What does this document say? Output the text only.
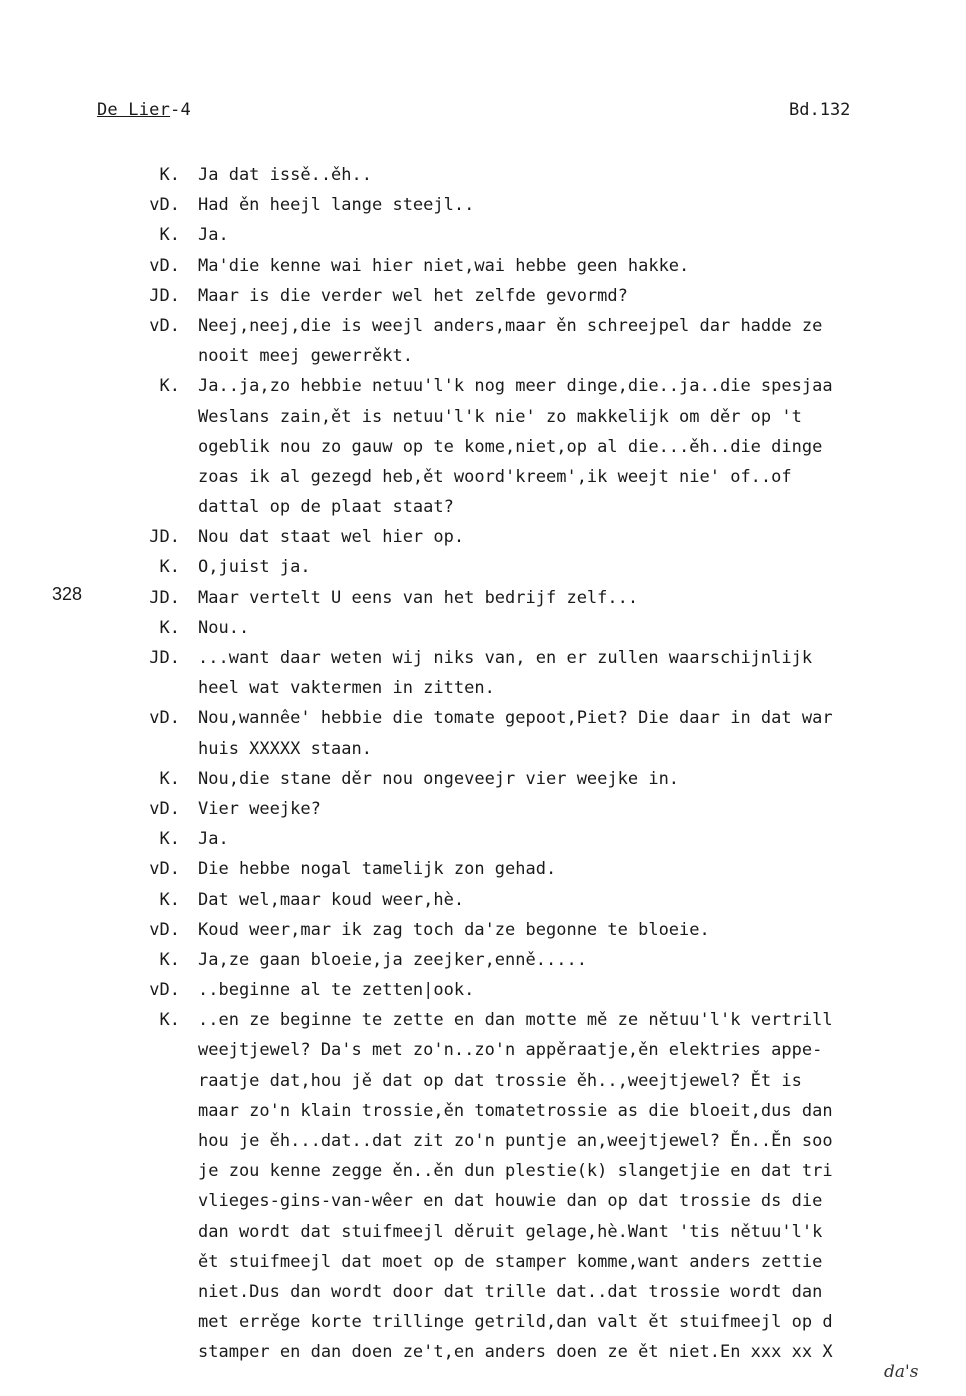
De Lier-4	Bd.132
328
K. Ja dat issě..ěh..
vD. Had ěn heejl lange steejl..
K. Ja.
vD. Ma'die kenne wai hier niet,wai hebbe geen hakke.
JD. Maar is die verder wel het zelfde gevormd?
vD. Neej,neej,die is weejl anders,maar ěn schreejpel dar hadde ze
nooit meej gewerrěkt.
K. Ja..ja,zo hebbie netuu'l'k nog meer dinge,die..ja..die spesjaa
Weslans zain,ět is netuu'l'k nie' zo makkelijk om děr op 't
ogeblik nou zo gauw op te kome,niet,op al die...ěh..die dinge
zoas ik al gezegd heb,ět woord'kreem',ik weejt nie' of..of
dattal op de plaat staat?
JD. Nou dat staat wel hier op.
K. O,juist ja.
JD. Maar vertelt U eens van het bedrijf zelf...
K. Nou..
JD. ...want daar weten wij niks van, en er zullen waarschijnlijk
heel wat vaktermen in zitten.
vD. Nou,wannêe' hebbie die tomate gepoot,Piet? Die daar in dat war
huis XXXXX staan.
K. Nou,die stane děr nou ongeveejr vier weejke in.
vD. Vier weejke?
K. Ja.
vD. Die hebbe nogal tamelijk zon gehad.
K. Dat wel,maar koud weer,hè.
vD. Koud weer,mar ik zag toch da'ze begonne te bloeie.
K. Ja,ze gaan bloeie,ja zeejker,enně.....
vD. ..beginne al te zetten|ook.
K. ..en ze beginne te zette en dan motte mě ze nětuu'l'k vertrill
weejtjewel? Da's met zo'n..zo'n appěraatje,ěn elektries appe-
raatje dat,hou jě dat op dat trossie ěh..,weejtjewel? Ět is
maar zo'n klain trossie,ěn tomatetrossie as die bloeit,dus dan
hou je ěh...dat..dat zit zo'n puntje an,weejtjewel? Ěn..Ěn soo
je zou kenne zegge ěn..ěn dun plestie(k) slangetjie en dat tri
vlieges-gins-van-wêer en dat houwie dan op dat trossie ds die
dan wordt dat stuifmeejl děruit gelage,hè.Want 'tis nětuu'l'k
ět stuifmeejl dat moet op de stamper komme,want anders zettie
niet.Dus dan wordt door dat trille dat..dat trossie wordt dan
met errěge korte trillinge getrild,dan valt ět stuifmeejl op d
stamper en dan doen ze't,en anders doen ze ět niet.En xxx xx X
da's
